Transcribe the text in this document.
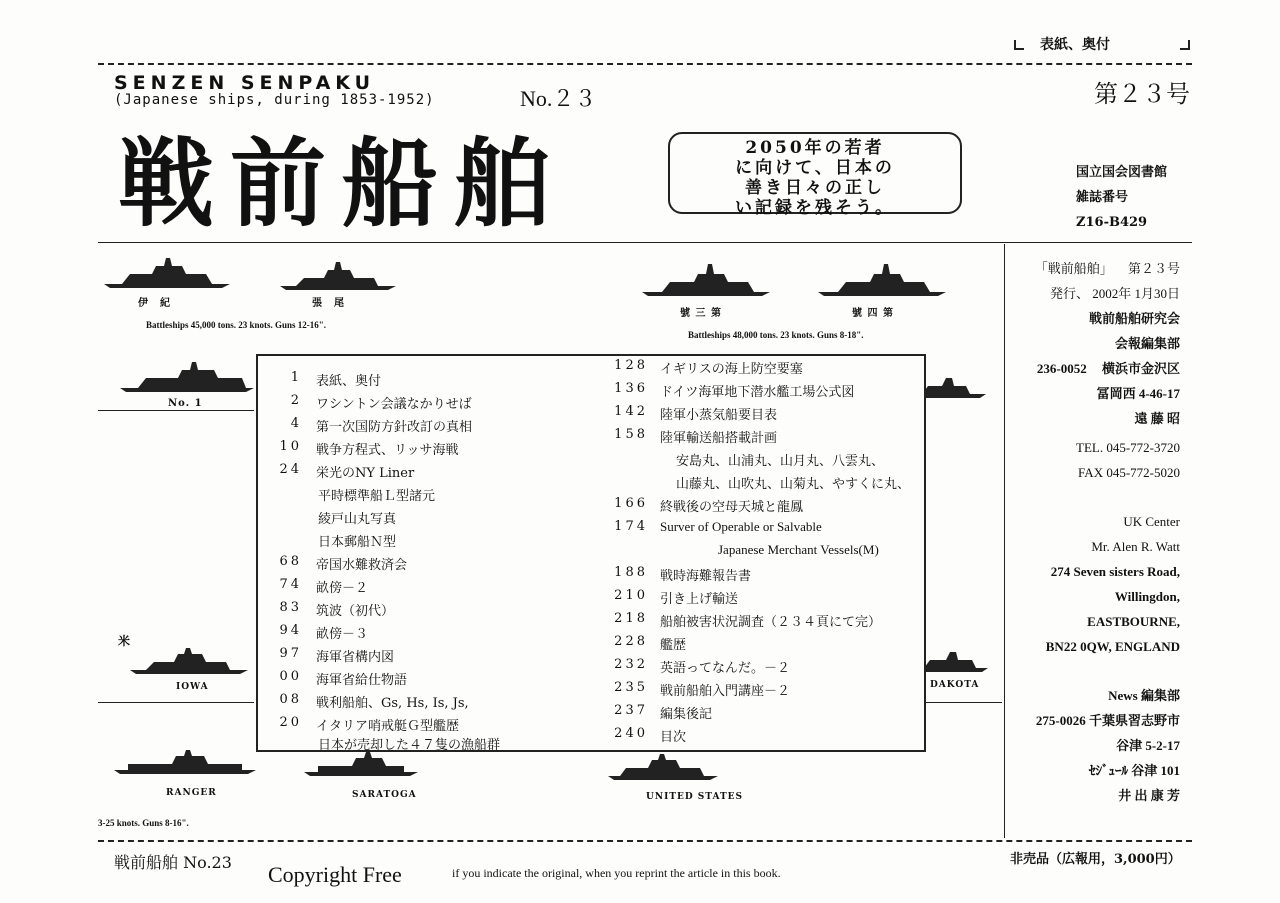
表紙、奥付
SENZEN SENPAKU
(Japanese ships, during 1853-1952)	No.２３	第２３号
戦前船舶	2050年の若者
に向けて、日本の
善き日々の正し
い記録を残そう。
国立国会図書館
雑誌番号
Z16-B429
伊　紀	張　尾
Battleships 45,000 tons. 23 knots. Guns 12-16".
號 三 第	號 四 第
Battleships 48,000 tons. 23 knots. Guns 8-18".
No. 1
米
IOWA	DAKOTA
RANGER	SARATOGA	UNITED STATES
3-25 knots. Guns 8-16".
1 表紙、奥付
2 ワシントン会議なかりせば
4 第一次国防方針改訂の真相
10 戦争方程式、リッサ海戦
24 栄光のNY Liner
平時標準船Ｌ型諸元
綾戸山丸写真
日本郵船Ｎ型
68 帝国水難救済会
74 畝傍－２
83 筑波（初代）
94 畝傍－３
97 海軍省構内図
00 海軍省給仕物語
08 戦利船舶、Gs, Hs, Is, Js,
20 イタリア哨戒艇Ｇ型艦歴
日本が売却した４７隻の漁船群
128 イギリスの海上防空要塞
136 ドイツ海軍地下潜水艦工場公式図
142 陸軍小蒸気船要目表
158 陸軍輸送船搭載計画
安島丸、山浦丸、山月丸、八雲丸、
山藤丸、山吹丸、山菊丸、やすくに丸、
166 終戦後の空母天城と龍鳳
174 Surver of Operable or Salvable
Japanese Merchant Vessels(M)
188 戦時海難報告書
210 引き上げ輸送
218 船舶被害状況調査（２３４頁にて完）
228 艦歴
232 英語ってなんだ。－２
235 戦前船舶入門講座－２
237 編集後記
240 目次
「戦前船舶」 第２３号
発行、 2002年 1月30日
戦前船舶研究会
会報編集部
236-0052 横浜市金沢区
冨岡西 4-46-17
遠 藤 昭
TEL. 045-772-3720
FAX 045-772-5020
UK Center
Mr. Alen R. Watt
274 Seven sisters Road,
Willingdon,
EASTBOURNE,
BN22 0QW, ENGLAND
News 編集部
275-0026 千葉県習志野市
谷津 5-2-17
ｾｼﾞｭｰﾙ 谷津 101
井 出 康 芳
戦前船舶 No.23 Copyright Free	if you indicate the original, when you reprint the article in this book.
非売品（広報用，3,000円）
